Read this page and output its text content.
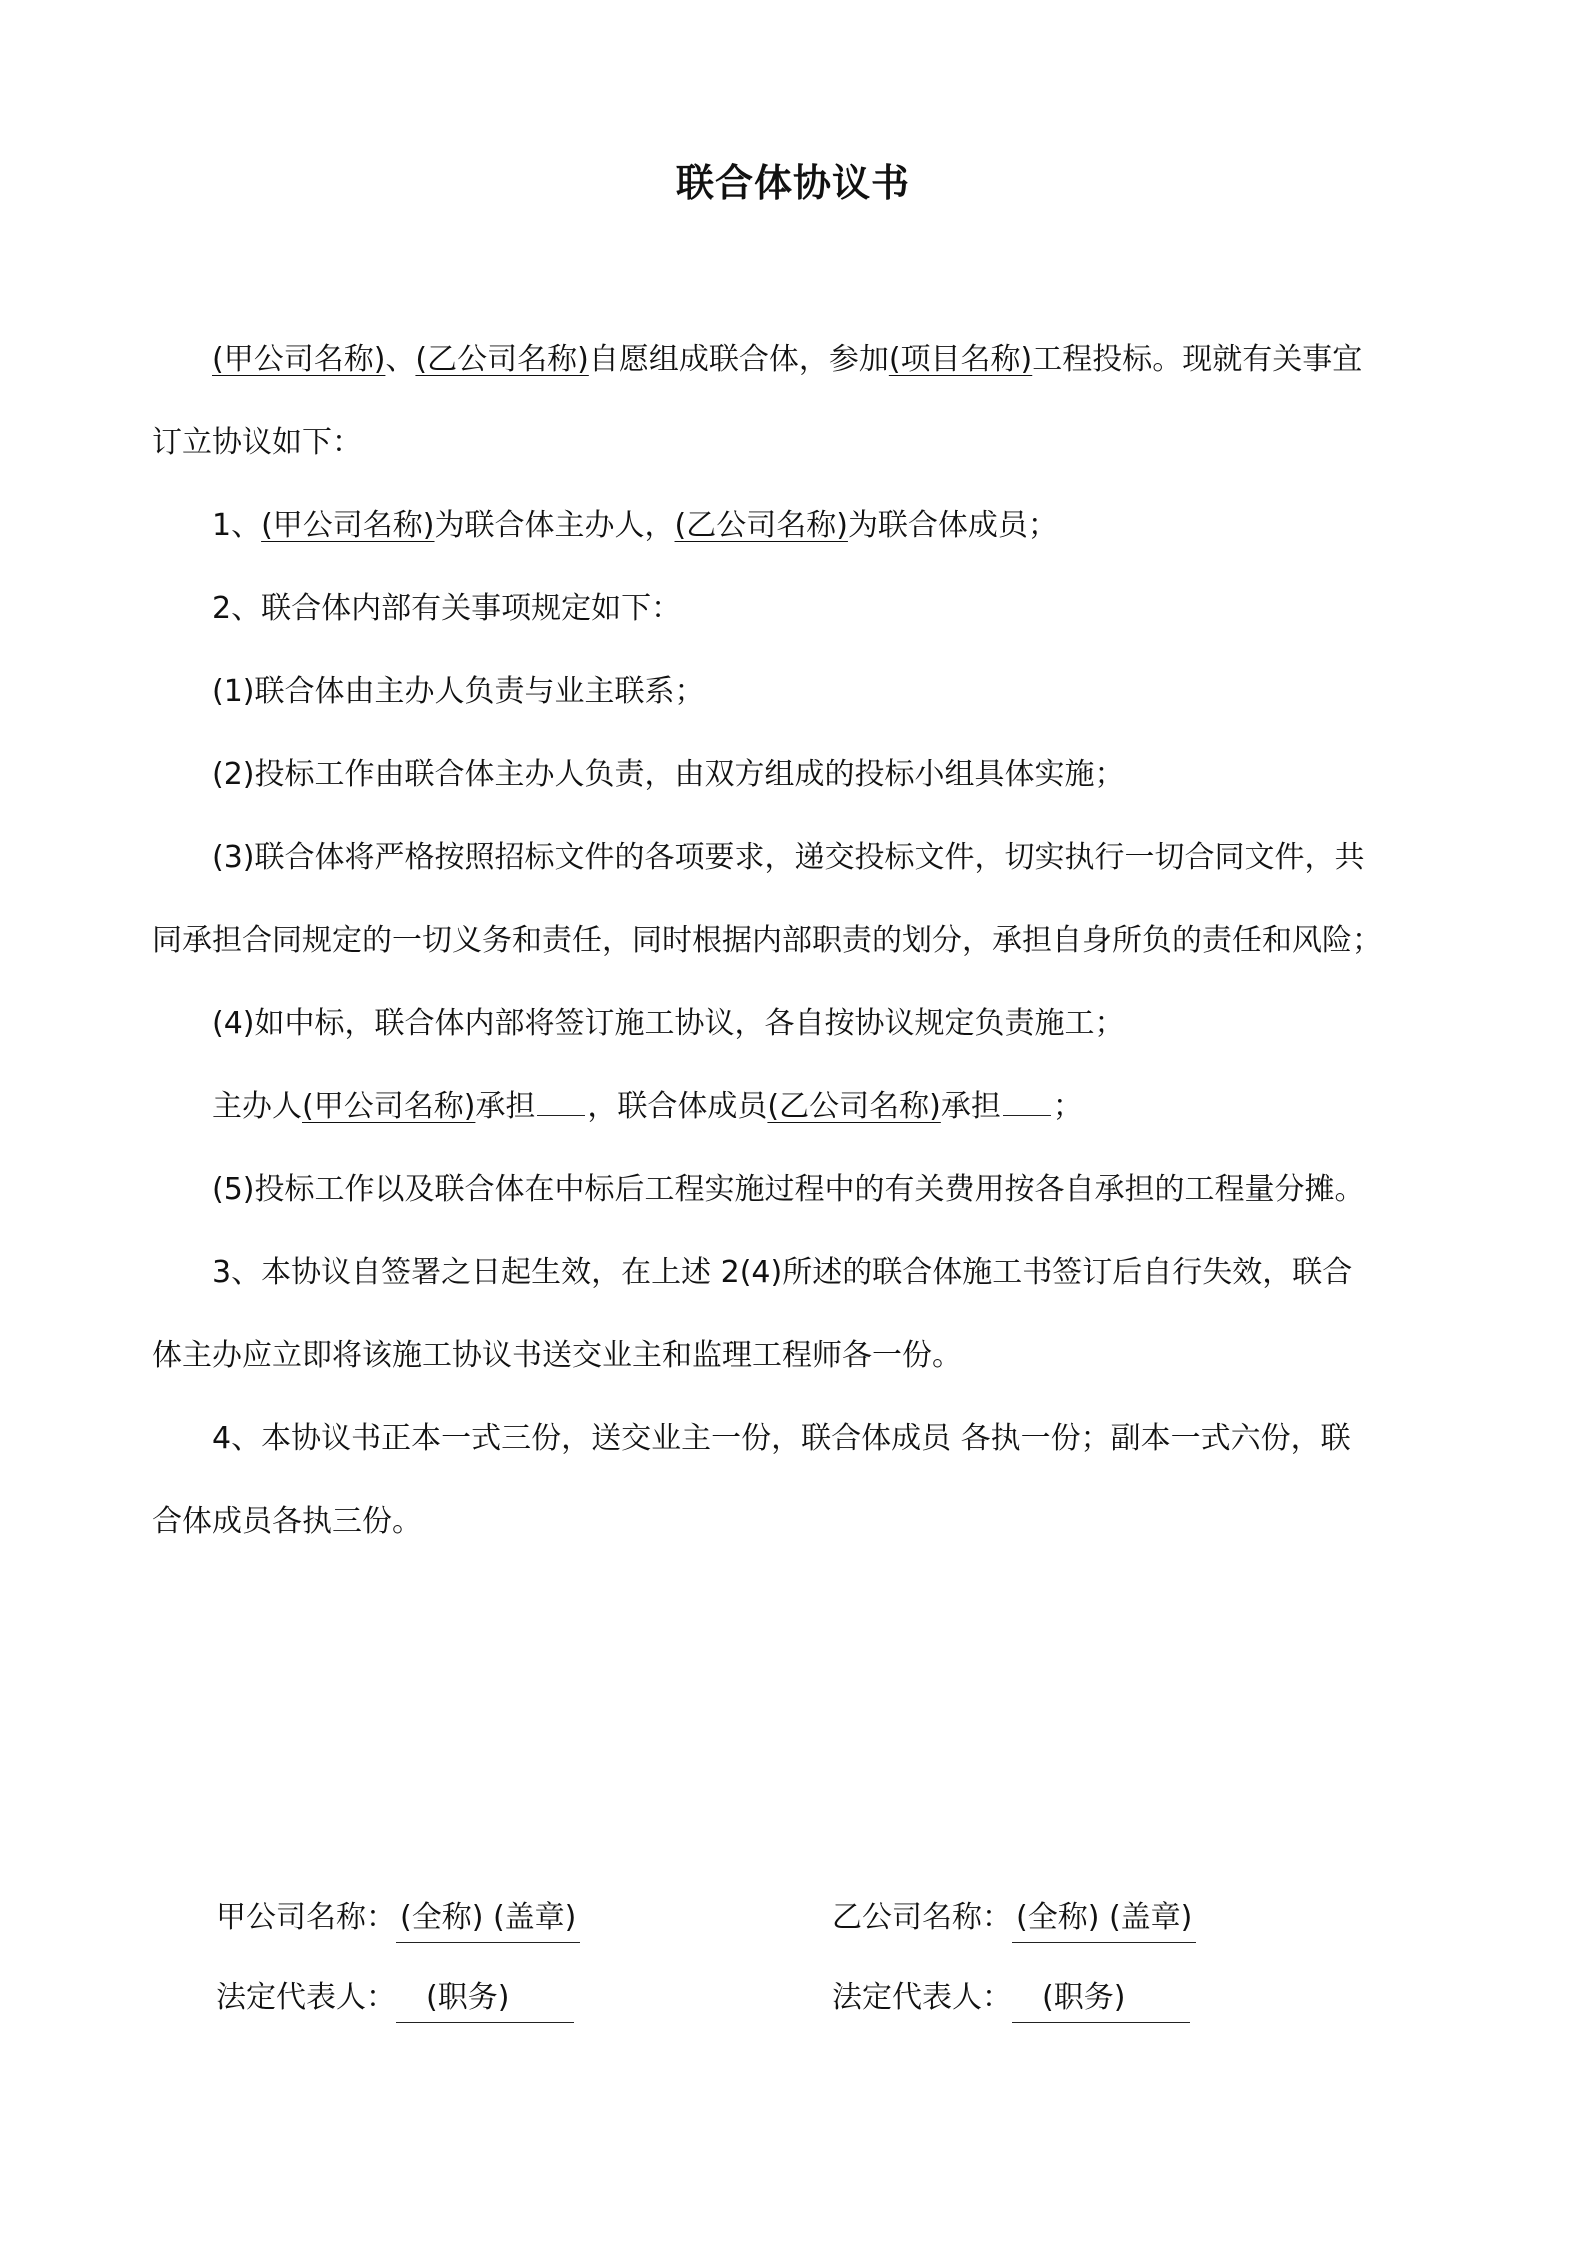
联合体协议书

(甲公司名称)、(乙公司名称)自愿组成联合体，参加(项目名称)工程投标。现就有关事宜

订立协议如下：

1、(甲公司名称)为联合体主办人，(乙公司名称)为联合体成员；

2、联合体内部有关事项规定如下：

(1)联合体由主办人负责与业主联系；

(2)投标工作由联合体主办人负责，由双方组成的投标小组具体实施；

(3)联合体将严格按照招标文件的各项要求，递交投标文件，切实执行一切合同文件，共

同承担合同规定的一切义务和责任，同时根据内部职责的划分，承担自身所负的责任和风险；

(4)如中标，联合体内部将签订施工协议，各自按协议规定负责施工；

主办人(甲公司名称)承担 ，联合体成员(乙公司名称)承担 ；

(5)投标工作以及联合体在中标后工程实施过程中的有关费用按各自承担的工程量分摊。

3、本协议自签署之日起生效，在上述 2(4)所述的联合体施工书签订后自行失效，联合

体主办应立即将该施工协议书送交业主和监理工程师各一份。

4、本协议书正本一式三份，送交业主一份，联合体成员 各执一份；副本一式六份，联

合体成员各执三份。

甲公司名称： (全称) (盖章)
法定代表人： (职务)
乙公司名称： (全称) (盖章)
法定代表人： (职务)
